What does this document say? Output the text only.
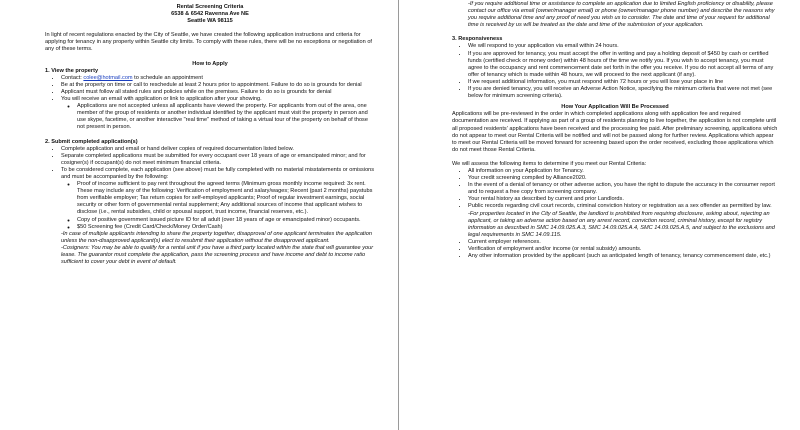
Rental Screening Criteria

6538 & 6542 Ravenna Ave NE

Seattle WA 98115

In light of recent regulations enacted by the City of Seattle, we have created the following application instructions and criteria for applying for tenancy in any property within Seattle city limits. To comply with these rules, there will be no exceptions or negotiation of any of these terms.

How to Apply

1. View the property
• Contact: colee@hotmail.com to schedule an appointment
• Be at the property on time or call to reschedule at least 2 hours prior to appointment. Failure to do so is grounds for denial
• Applicant must follow all stated rules and policies while on the premises. Failure to do so is grounds for denial
• You will receive an email with application or link to application after your showing.
◦ Applications are not accepted unless all applicants have viewed the property. For applicants from out of the area, one member of the group of residents or another individual identified by the applicant must visit the property in person and use skype, facetime, or another interactive "real time" method of taking a virtual tour of the property on behalf of those not present in person.
2. Submit completed application(s)
• Complete application and email or hand deliver copies of required documentation listed below.
• Separate completed applications must be submitted for every occupant over 18 years of age or emancipated minor; and for cosigner(s) if occupant(s) do not meet minimum financial criteria.
• To be considered complete, each application (see above) must be fully completed with no material misstatements or omissions and must be accompanied by the following:
◦ Proof of income sufficient to pay rent throughout the agreed terms (Minimum gross monthly income required: 3x rent. These may include any of the following: Verification of employment and salary/wages; Recent (past 2 months) paystubs from verifiable employer; Tax return copies for self-employed applicants; Proof of regular investment earnings, social security or other form of governmental rental supplement; Any additional sources of income that applicant wishes to disclose (i.e., rental subsidies, child or spousal support, trust income, financial reserves, etc.).
◦ Copy of positive government issued picture ID for all adult (over 18 years of age or emancipated minor) occupants.
◦ $50 Screening fee (Credit Card/Check/Money Order/Cash)

-In case of multiple applicants intending to share the property together, disapproval of one applicant terminates the application unless the non-disapproved applicant(s) elect to resubmit their application without the disapproved applicant.

-Cosigners: You may be able to qualify for a rental unit if you have a third party located within the state that will guarantee your lease. The guarantor must complete the application, pass the screening process and have income and debt to income ratio sufficient to cover your debt in event of default.

-If you require additional time or assistance to complete an application due to limited English proficiency or disability, please contact our office via email (owner/manager email) or phone (owner/manager phone number) and describe the reasons why you require additional time and any proof of need you wish us to consider. The date and time of your request for additional time is received by us will be treated as the date and time of the submission of your application.

3. Responsiveness
• We will respond to your application via email within 24 hours.
• If you are approved for tenancy, you must accept the offer in writing and pay a holding deposit of $450 by cash or certified funds (certified check or money order) within 48 hours of the time we notify you. If you wish to accept tenancy, you must agree to the occupancy and rent commencement date set forth in the offer you receive. If you do not accept all terms of any offer of tenancy which is made within 48 hours, we will proceed to the next applicant (if any).
• If we request additional information, you must respond within 72 hours or you will lose your place in line
• If you are denied tenancy, you will receive an Adverse Action Notice, specifying the minimum criteria that were not met (see below for minimum screening criteria).

How Your Application Will Be Processed

Applications will be pre-reviewed in the order in which completed applications along with application fee and required documentation are received. If applying as part of a group of residents planning to live together, the application is not complete until all proposed residents' applications have been received and the processing fee paid. After preliminary screening, applications which do not appear to meet our Rental Criteria will be notified and will not be passed along for further review. Applications which appear to meet our Rental Criteria will be moved forward for screening based upon the order received, excluding those applications which do not meet those Rental Criteria.

We will assess the following items to determine if you meet our Rental Criteria:

• All information on your Application for Tenancy.
• Your credit screening compiled by Alliance2020.
• In the event of a denial of tenancy or other adverse action, you have the right to dispute the accuracy in the consumer report and to request a free copy from screening company.
• Your rental history as described by current and prior Landlords.
• Public records regarding civil court records, criminal conviction history or registration as a sex offender as permitted by law.
-For properties located in the City of Seattle, the landlord is prohibited from requiring disclosure, asking about, rejecting an applicant, or taking an adverse action based on any arrest record, conviction record, criminal history, except for registry information as described in SMC 14.09.025.A.3, SMC 14.09.025.A.4, SMC 14.09.025.A.5, and subject to the exclusions and legal requirements in SMC 14.09.115.
• Current employer references.
• Verification of employment and/or income (or rental subsidy) amounts.
• Any other information provided by the applicant (such as anticipated length of tenancy, tenancy commencement date, etc.)
